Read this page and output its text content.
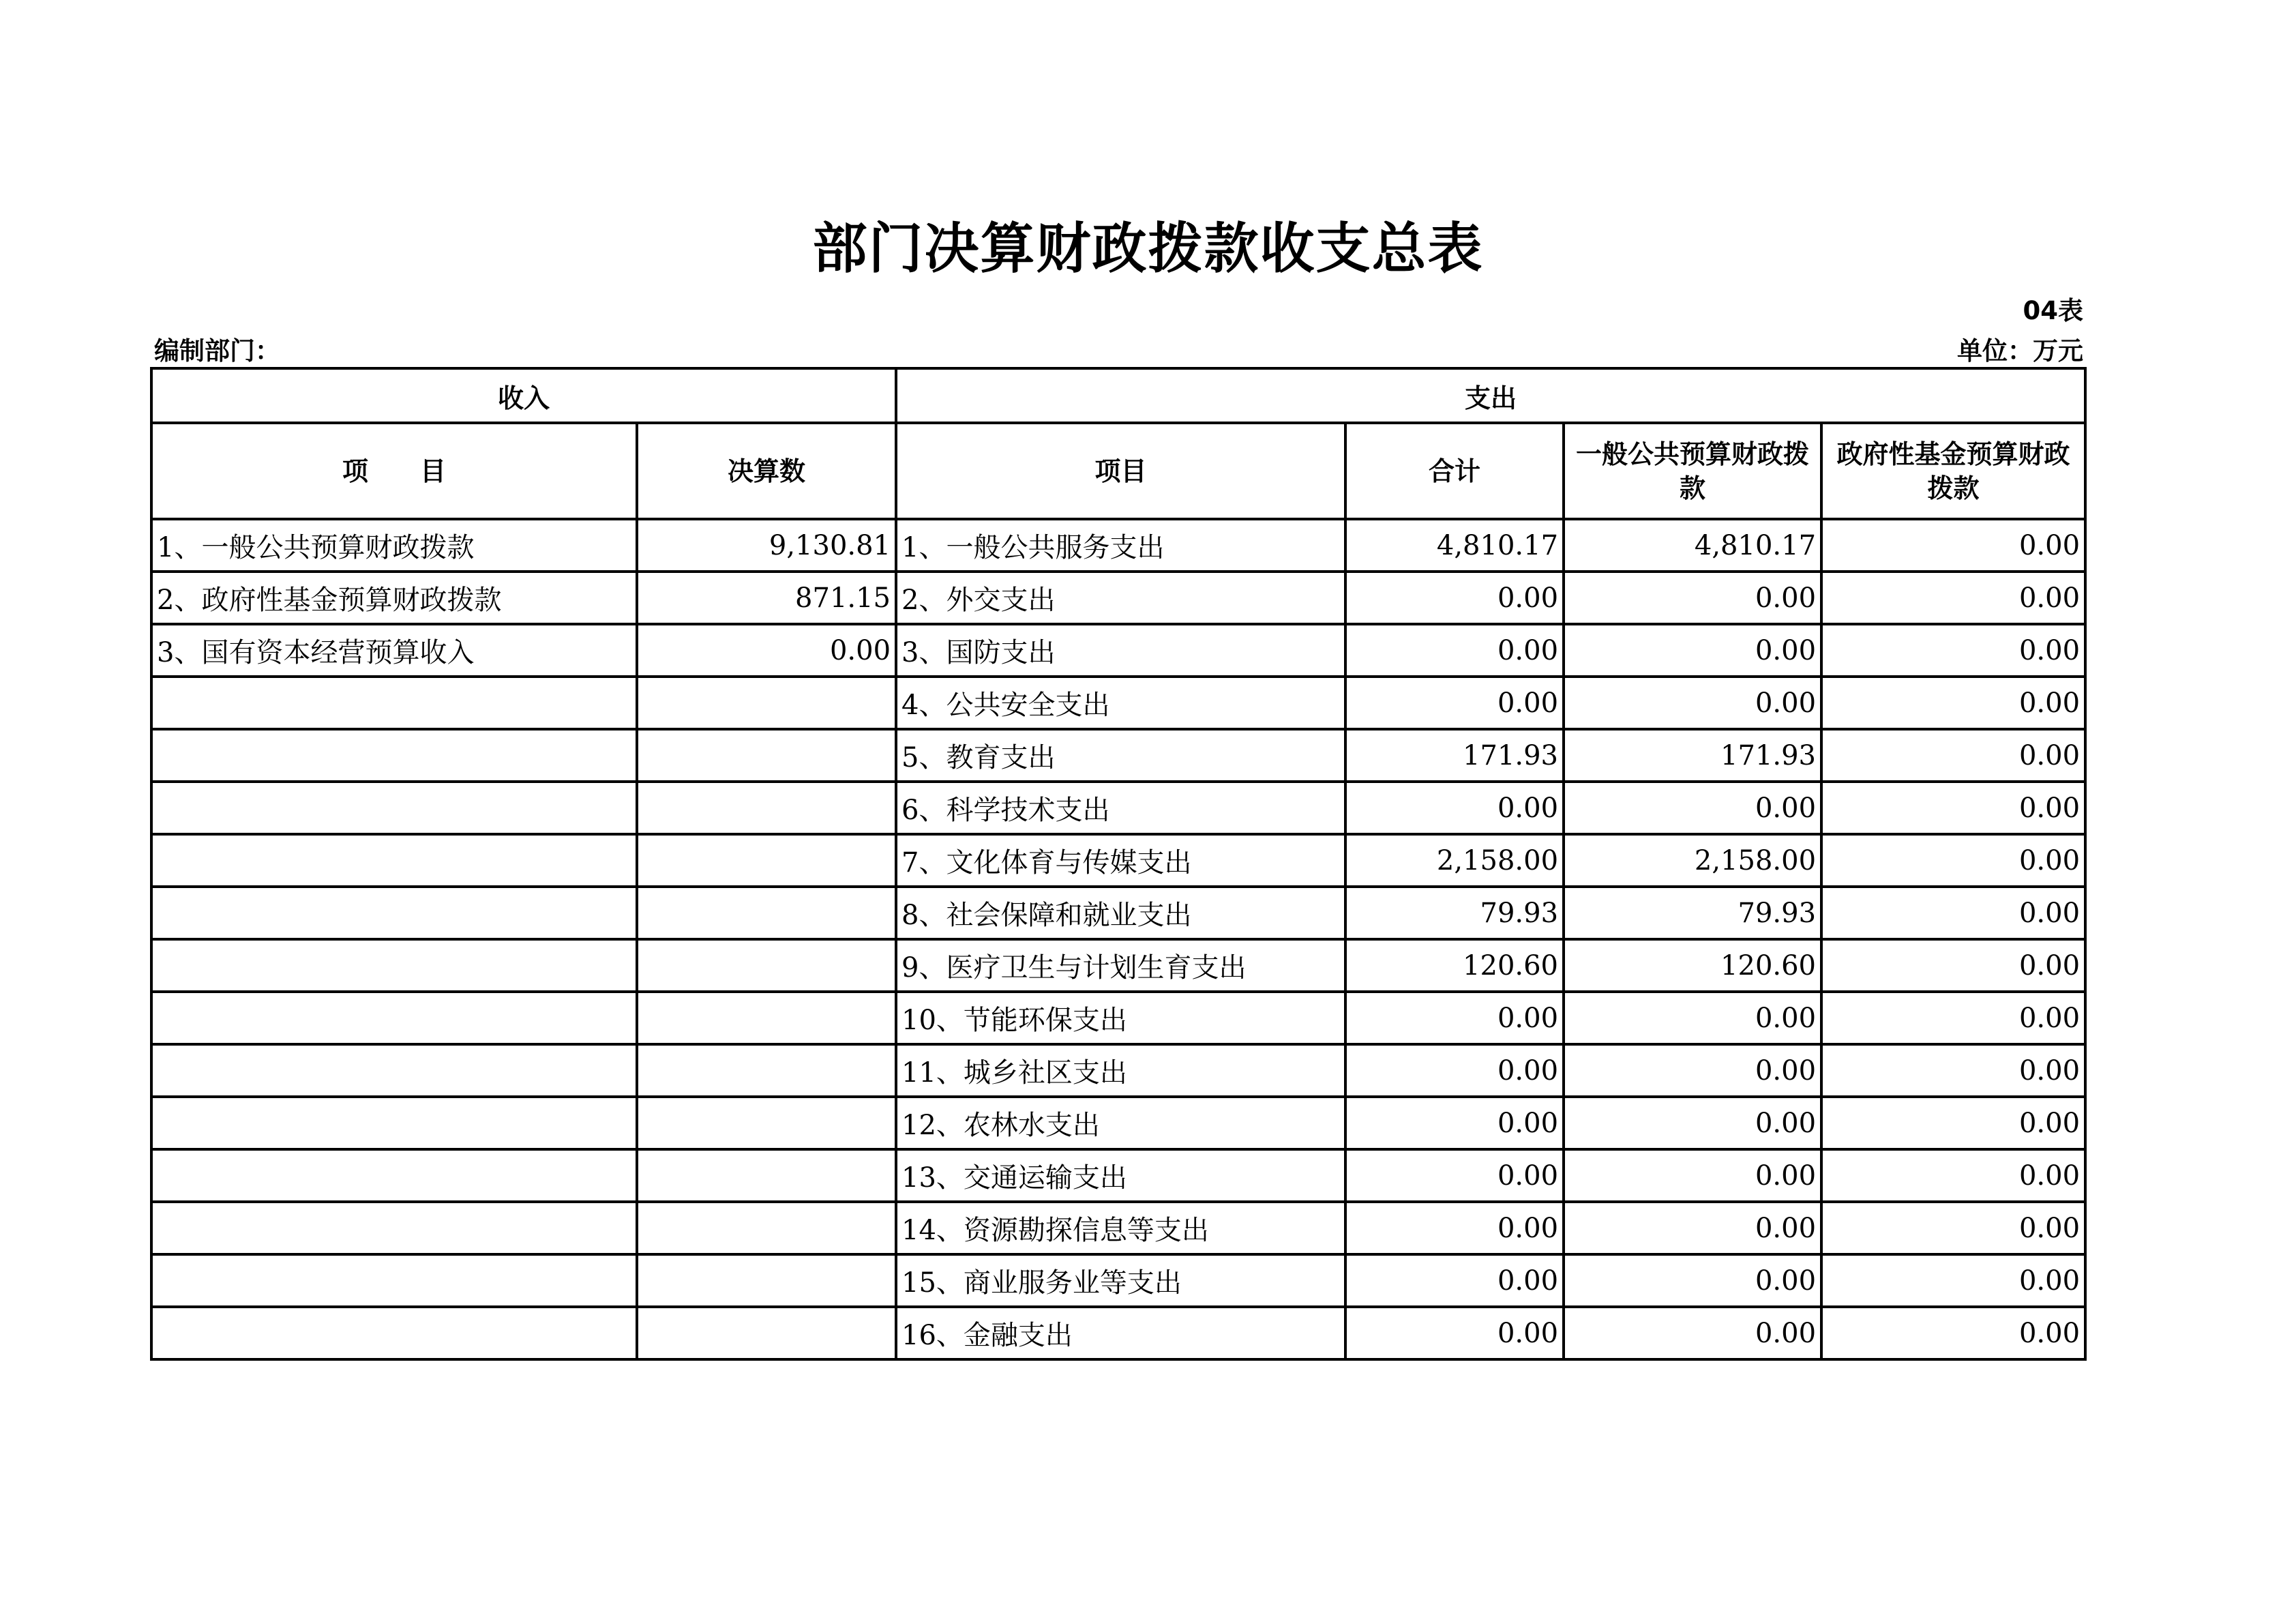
部门决算财政拨款收支总表
04表
编制部门：	单位：万元
收入		支出			
项　　目	决算数	项目	合计	一般公共预算财政拨款	政府性基金预算财政拨款
1、一般公共预算财政拨款	9,130.81	1、一般公共服务支出	4,810.17	4,810.17	0.00
2、政府性基金预算财政拨款	871.15	2、外交支出	0.00	0.00	0.00
3、国有资本经营预算收入	0.00	3、国防支出	0.00	0.00	0.00
		4、公共安全支出	0.00	0.00	0.00
		5、教育支出	171.93	171.93	0.00
		6、科学技术支出	0.00	0.00	0.00
		7、文化体育与传媒支出	2,158.00	2,158.00	0.00
		8、社会保障和就业支出	79.93	79.93	0.00
		9、医疗卫生与计划生育支出	120.60	120.60	0.00
		10、节能环保支出	0.00	0.00	0.00
		11、城乡社区支出	0.00	0.00	0.00
		12、农林水支出	0.00	0.00	0.00
		13、交通运输支出	0.00	0.00	0.00
		14、资源勘探信息等支出	0.00	0.00	0.00
		15、商业服务业等支出	0.00	0.00	0.00
		16、金融支出	0.00	0.00	0.00
